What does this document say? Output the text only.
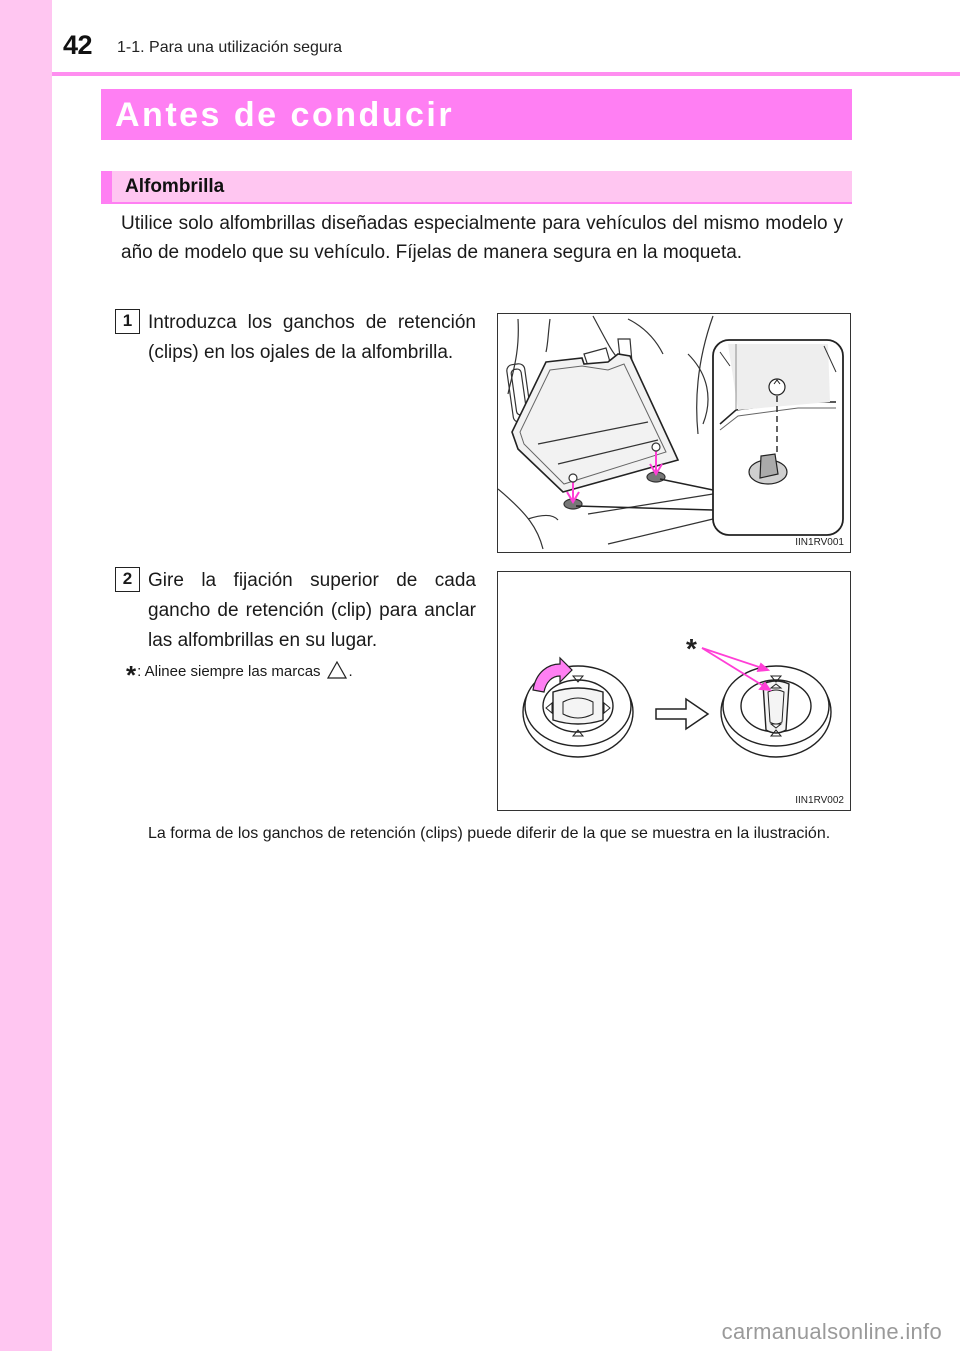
42 1-1. Para una utilización segura
Antes de conducir
Alfombrilla
Utilice solo alfombrillas diseñadas especialmente para vehículos del mismo modelo y año de modelo que su vehículo. Fíjelas de manera segura en la moqueta.
1 Introduzca los ganchos de retención (clips) en los ojales de la alfombrilla.
IIN1RV001
2 Gire la fijación superior de cada gancho de retención (clip) para anclar las alfombrillas en su lugar.
*: Alinee siempre las marcas .
*
IIN1RV002
La forma de los ganchos de retención (clips) puede diferir de la que se muestra en la ilustración.
carmanualsonline.info
